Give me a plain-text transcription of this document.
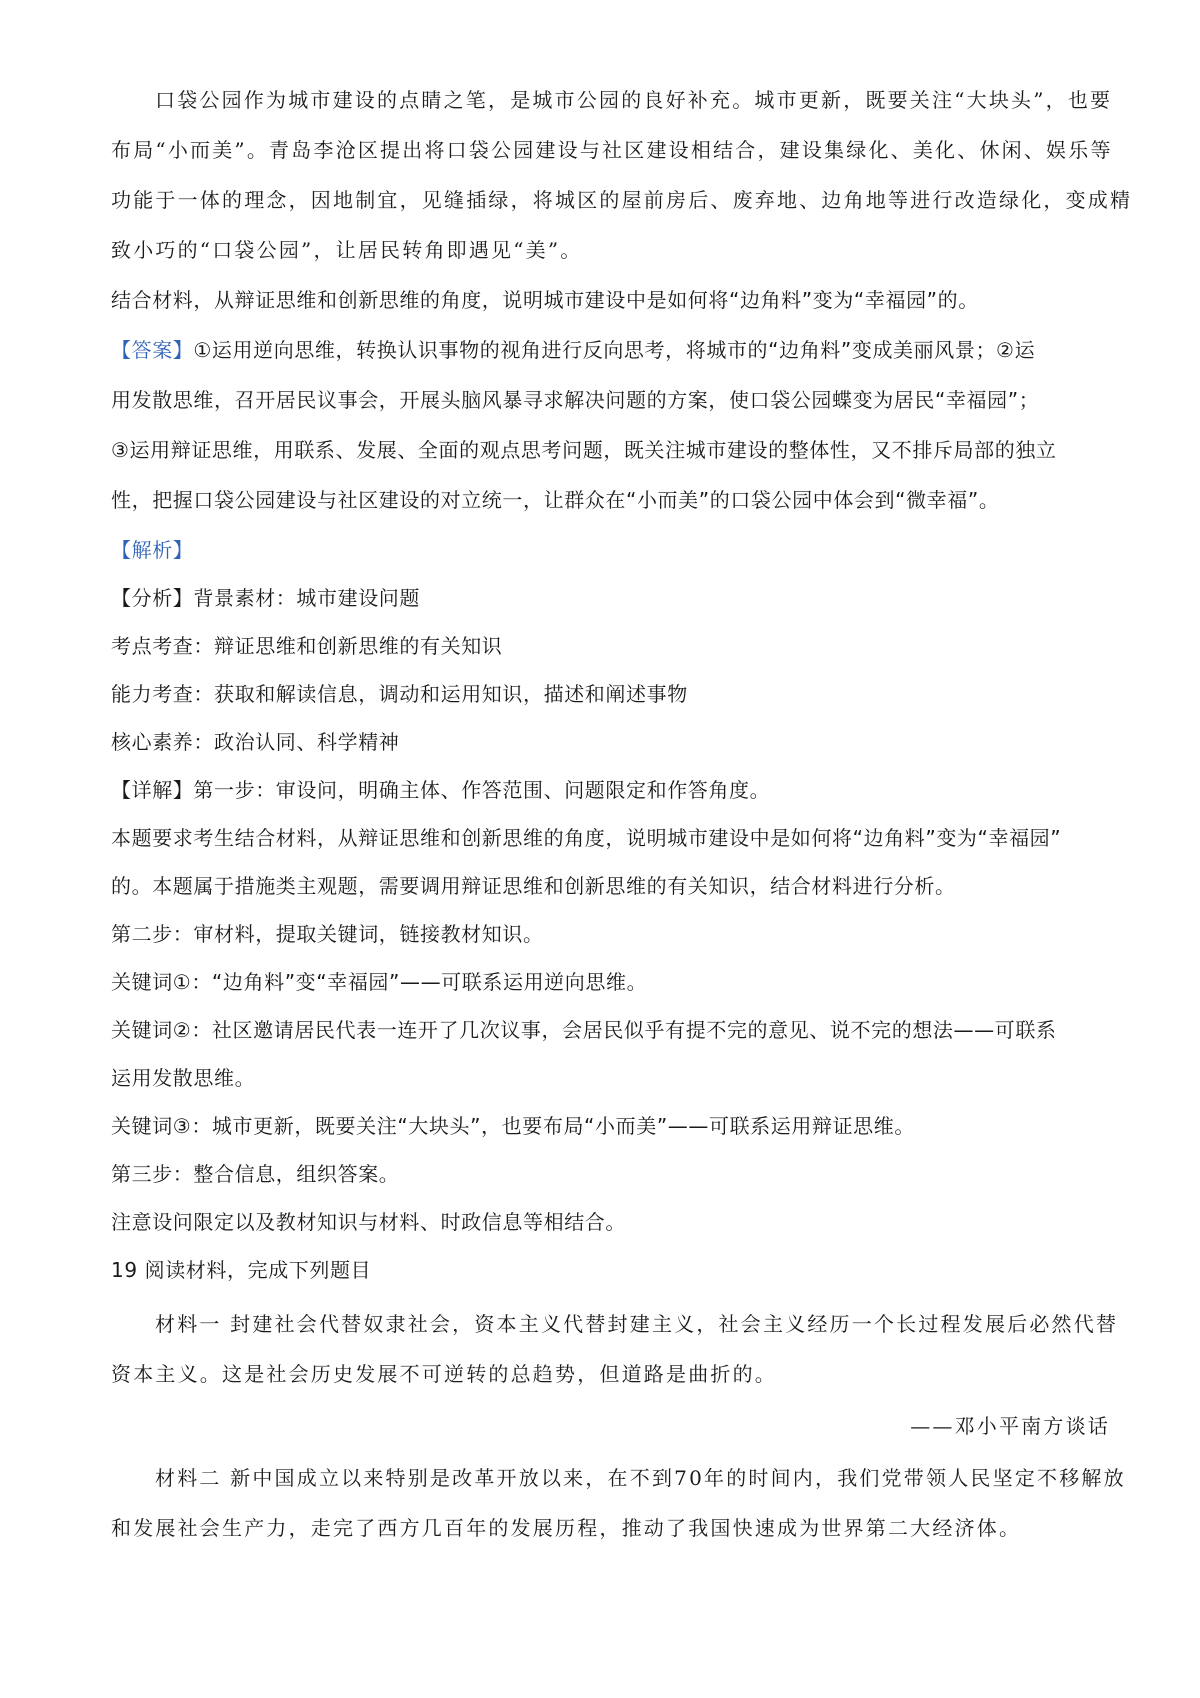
口袋公园作为城市建设的点睛之笔，是城市公园的良好补充。城市更新，既要关注“大块头”，也要
布局“小而美”。青岛李沧区提出将口袋公园建设与社区建设相结合，建设集绿化、美化、休闲、娱乐等
功能于一体的理念，因地制宜，见缝插绿，将城区的屋前房后、废弃地、边角地等进行改造绿化，变成精
致小巧的“口袋公园”，让居民转角即遇见“美”。
结合材料，从辩证思维和创新思维的角度，说明城市建设中是如何将“边角料”变为“幸福园”的。
【答案】①运用逆向思维，转换认识事物的视角进行反向思考，将城市的“边角料”变成美丽风景；②运
用发散思维，召开居民议事会，开展头脑风暴寻求解决问题的方案，使口袋公园蝶变为居民“幸福园”；
③运用辩证思维，用联系、发展、全面的观点思考问题，既关注城市建设的整体性，又不排斥局部的独立
性，把握口袋公园建设与社区建设的对立统一，让群众在“小而美”的口袋公园中体会到“微幸福”。
【解析】
【分析】背景素材：城市建设问题
考点考查：辩证思维和创新思维的有关知识
能力考查：获取和解读信息，调动和运用知识，描述和阐述事物
核心素养：政治认同、科学精神
【详解】第一步：审设问，明确主体、作答范围、问题限定和作答角度。
本题要求考生结合材料，从辩证思维和创新思维的角度，说明城市建设中是如何将“边角料”变为“幸福园”
的。本题属于措施类主观题，需要调用辩证思维和创新思维的有关知识，结合材料进行分析。
第二步：审材料，提取关键词，链接教材知识。
关键词①：“边角料”变“幸福园”——可联系运用逆向思维。
关键词②：社区邀请居民代表一连开了几次议事，会居民似乎有提不完的意见、说不完的想法——可联系
运用发散思维。
关键词③：城市更新，既要关注“大块头”，也要布局“小而美”——可联系运用辩证思维。
第三步：整合信息，组织答案。
注意设问限定以及教材知识与材料、时政信息等相结合。
19 阅读材料，完成下列题目
材料一 封建社会代替奴隶社会，资本主义代替封建主义，社会主义经历一个长过程发展后必然代替
资本主义。这是社会历史发展不可逆转的总趋势，但道路是曲折的。
——邓小平南方谈话
材料二 新中国成立以来特别是改革开放以来，在不到70年的时间内，我们党带领人民坚定不移解放
和发展社会生产力，走完了西方几百年的发展历程，推动了我国快速成为世界第二大经济体。
